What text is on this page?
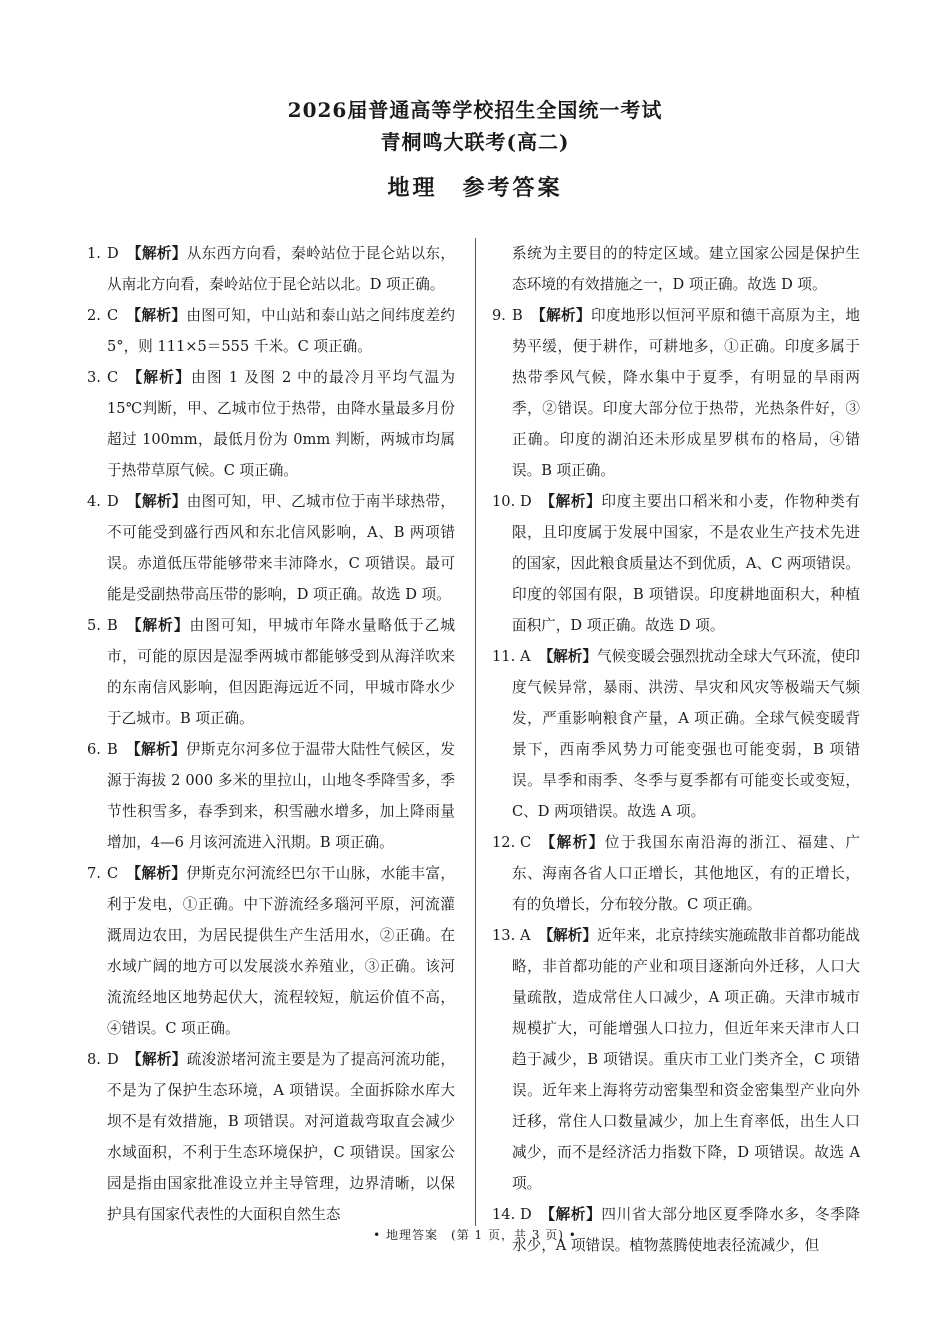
2026届普通高等学校招生全国统一考试
青桐鸣大联考(高二)
地理　参考答案
1. D 【解析】从东西方向看，秦岭站位于昆仑站以东，从南北方向看，秦岭站位于昆仑站以北。D 项正确。
2. C 【解析】由图可知，中山站和泰山站之间纬度差约 5°，则 111×5＝555 千米。C 项正确。
3. C 【解析】由图 1 及图 2 中的最冷月平均气温为 15℃判断，甲、乙城市位于热带，由降水量最多月份超过 100mm，最低月份为 0mm 判断，两城市均属于热带草原气候。C 项正确。
4. D 【解析】由图可知，甲、乙城市位于南半球热带，不可能受到盛行西风和东北信风影响，A、B 两项错误。赤道低压带能够带来丰沛降水，C 项错误。最可能是受副热带高压带的影响，D 项正确。故选 D 项。
5. B 【解析】由图可知，甲城市年降水量略低于乙城市，可能的原因是湿季两城市都能够受到从海洋吹来的东南信风影响，但因距海远近不同，甲城市降水少于乙城市。B 项正确。
6. B 【解析】伊斯克尔河多位于温带大陆性气候区，发源于海拔 2 000 多米的里拉山，山地冬季降雪多，季节性积雪多，春季到来，积雪融水增多，加上降雨量增加，4—6 月该河流进入汛期。B 项正确。
7. C 【解析】伊斯克尔河流经巴尔干山脉，水能丰富，利于发电，①正确。中下游流经多瑙河平原，河流灌溉周边农田，为居民提供生产生活用水，②正确。在水域广阔的地方可以发展淡水养殖业，③正确。该河流流经地区地势起伏大，流程较短，航运价值不高，④错误。C 项正确。
8. D 【解析】疏浚淤堵河流主要是为了提高河流功能，不是为了保护生态环境，A 项错误。全面拆除水库大坝不是有效措施，B 项错误。对河道裁弯取直会减少水域面积，不利于生态环境保护，C 项错误。国家公园是指由国家批准设立并主导管理，边界清晰，以保护具有国家代表性的大面积自然生态
系统为主要目的的特定区域。建立国家公园是保护生态环境的有效措施之一，D 项正确。故选 D 项。
9. B 【解析】印度地形以恒河平原和德干高原为主，地势平缓，便于耕作，可耕地多，①正确。印度多属于热带季风气候，降水集中于夏季，有明显的旱雨两季，②错误。印度大部分位于热带，光热条件好，③正确。印度的湖泊还未形成星罗棋布的格局，④错误。B 项正确。
10. D 【解析】印度主要出口稻米和小麦，作物种类有限，且印度属于发展中国家，不是农业生产技术先进的国家，因此粮食质量达不到优质，A、C 两项错误。印度的邻国有限，B 项错误。印度耕地面积大，种植面积广，D 项正确。故选 D 项。
11. A 【解析】气候变暖会强烈扰动全球大气环流，使印度气候异常，暴雨、洪涝、旱灾和风灾等极端天气频发，严重影响粮食产量，A 项正确。全球气候变暖背景下，西南季风势力可能变强也可能变弱，B 项错误。旱季和雨季、冬季与夏季都有可能变长或变短，C、D 两项错误。故选 A 项。
12. C 【解析】位于我国东南沿海的浙江、福建、广东、海南各省人口正增长，其他地区，有的正增长，有的负增长，分布较分散。C 项正确。
13. A 【解析】近年来，北京持续实施疏散非首都功能战略，非首都功能的产业和项目逐渐向外迁移，人口大量疏散，造成常住人口减少，A 项正确。天津市城市规模扩大，可能增强人口拉力，但近年来天津市人口趋于减少，B 项错误。重庆市工业门类齐全，C 项错误。近年来上海将劳动密集型和资金密集型产业向外迁移，常住人口数量减少，加上生育率低，出生人口减少，而不是经济活力指数下降，D 项错误。故选 A 项。
14. D 【解析】四川省大部分地区夏季降水多，冬季降水少，A 项错误。植物蒸腾使地表径流减少，但
• 地理答案　(第 1 页，共 3 页) •
